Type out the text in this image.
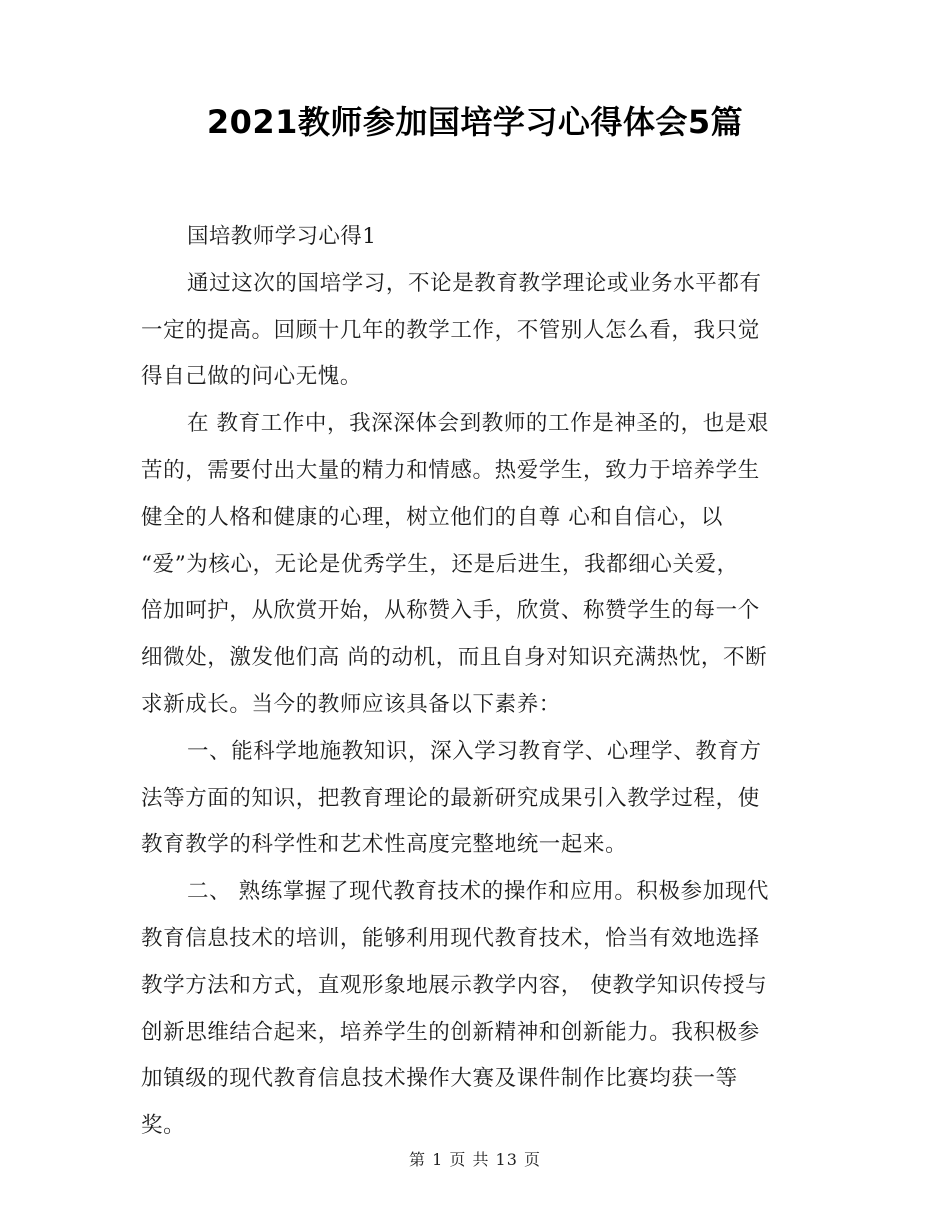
2021教师参加国培学习心得体会5篇
国培教师学习心得1
通过这次的国培学习，不论是教育教学理论或业务水平都有
一定的提高。回顾十几年的教学工作，不管别人怎么看，我只觉
得自己做的问心无愧。
在 教育工作中，我深深体会到教师的工作是神圣的，也是艰
苦的，需要付出大量的精力和情感。热爱学生，致力于培养学生
健全的人格和健康的心理，树立他们的自尊 心和自信心，以
“爱”为核心，无论是优秀学生，还是后进生，我都细心关爱，
倍加呵护，从欣赏开始，从称赞入手，欣赏、称赞学生的每一个
细微处，激发他们高 尚的动机，而且自身对知识充满热忱，不断
求新成长。当今的教师应该具备以下素养：
一、能科学地施教知识，深入学习教育学、心理学、教育方
法等方面的知识，把教育理论的最新研究成果引入教学过程，使
教育教学的科学性和艺术性高度完整地统一起来。
二、 熟练掌握了现代教育技术的操作和应用。积极参加现代
教育信息技术的培训，能够利用现代教育技术，恰当有效地选择
教学方法和方式，直观形象地展示教学内容， 使教学知识传授与
创新思维结合起来，培养学生的创新精神和创新能力。我积极参
加镇级的现代教育信息技术操作大赛及课件制作比赛均获一等
奖。
第 1 页 共 13 页
